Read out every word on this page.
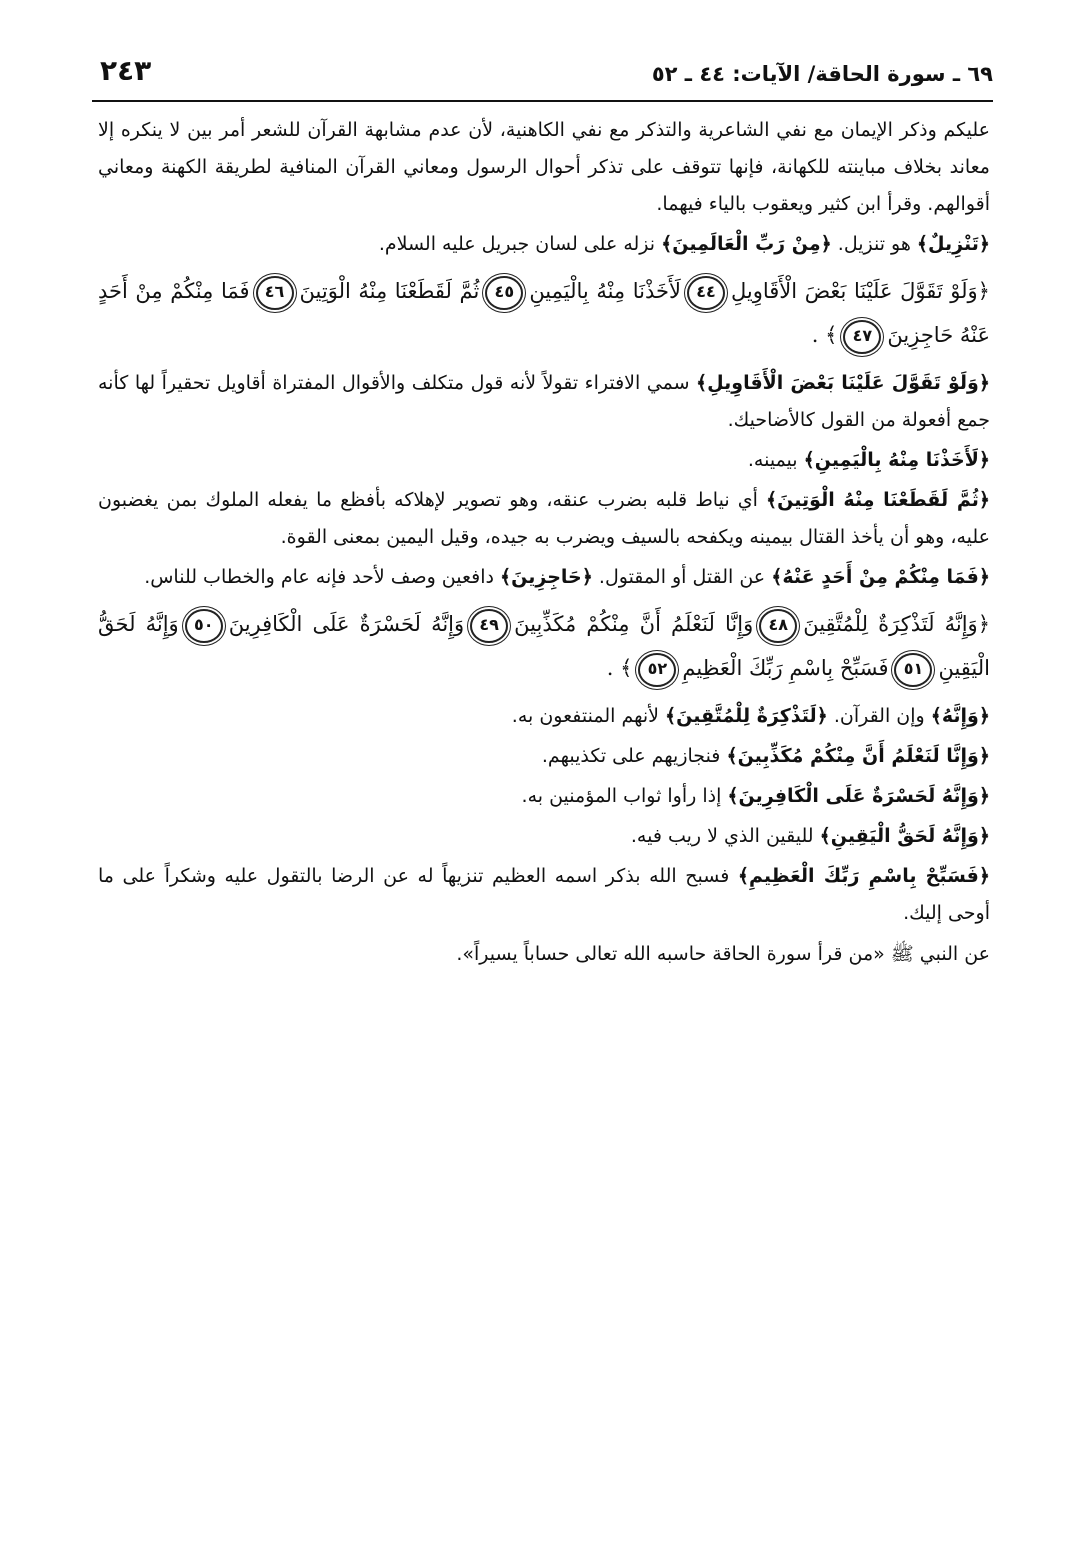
٦٩ ـ سورة الحاقة/ الآيات: ٤٤ ـ ٥٢
٢٤٣

عليكم وذكر الإيمان مع نفي الشاعرية والتذكر مع نفي الكاهنية، لأن عدم مشابهة القرآن للشعر أمر بين لا ينكره إلا معاند بخلاف مباينته للكهانة، فإنها تتوقف على تذكر أحوال الرسول ومعاني القرآن المنافية لطريقة الكهنة ومعاني أقوالهم. وقرأ ابن كثير ويعقوب بالياء فيهما.

﴿تَنْزِيلٌ﴾ هو تنزيل. ﴿مِنْ رَبِّ الْعَالَمِينَ﴾ نزله على لسان جبريل عليه السلام.

﴿وَلَوْ تَقَوَّلَ عَلَيْنَا بَعْضَ الْأَقَاوِيلِ٤٤لَأَخَذْنَا مِنْهُ بِالْيَمِينِ٤٥ثُمَّ لَقَطَعْنَا مِنْهُ الْوَتِينَ٤٦فَمَا مِنْكُمْ مِنْ أَحَدٍ عَنْهُ حَاجِزِينَ٤٧﴾ .

﴿وَلَوْ تَقَوَّلَ عَلَيْنَا بَعْضَ الْأَقَاوِيلِ﴾ سمي الافتراء تقولاً لأنه قول متكلف والأقوال المفتراة أقاويل تحقيراً لها كأنه جمع أفعولة من القول كالأضاحيك.

﴿لَأَخَذْنَا مِنْهُ بِالْيَمِينِ﴾ بيمينه.

﴿ثُمَّ لَقَطَعْنَا مِنْهُ الْوَتِينَ﴾ أي نياط قلبه بضرب عنقه، وهو تصوير لإهلاكه بأفظع ما يفعله الملوك بمن يغضبون عليه، وهو أن يأخذ القتال بيمينه ويكفحه بالسيف ويضرب به جيده، وقيل اليمين بمعنى القوة.

﴿فَمَا مِنْكُمْ مِنْ أَحَدٍ عَنْهُ﴾ عن القتل أو المقتول. ﴿حَاجِزِينَ﴾ دافعين وصف لأحد فإنه عام والخطاب للناس.

﴿وَإِنَّهُ لَتَذْكِرَةٌ لِلْمُتَّقِينَ٤٨وَإِنَّا لَنَعْلَمُ أَنَّ مِنْكُمْ مُكَذِّبِينَ٤٩وَإِنَّهُ لَحَسْرَةٌ عَلَى الْكَافِرِينَ٥٠وَإِنَّهُ لَحَقُّ الْيَقِينِ٥١فَسَبِّحْ بِاسْمِ رَبِّكَ الْعَظِيمِ٥٢﴾ .

﴿وَإِنَّهُ﴾ وإن القرآن. ﴿لَتَذْكِرَةٌ لِلْمُتَّقِينَ﴾ لأنهم المنتفعون به.

﴿وَإِنَّا لَنَعْلَمُ أَنَّ مِنْكُمْ مُكَذِّبِينَ﴾ فنجازيهم على تكذيبهم.

﴿وَإِنَّهُ لَحَسْرَةٌ عَلَى الْكَافِرِينَ﴾ إذا رأوا ثواب المؤمنين به.

﴿وَإِنَّهُ لَحَقُّ الْيَقِينِ﴾ لليقين الذي لا ريب فيه.

﴿فَسَبِّحْ بِاسْمِ رَبِّكَ الْعَظِيمِ﴾ فسبح الله بذكر اسمه العظيم تنزيهاً له عن الرضا بالتقول عليه وشكراً على ما أوحى إليك.

عن النبي ﷺ «من قرأ سورة الحاقة حاسبه الله تعالى حساباً يسيراً».
